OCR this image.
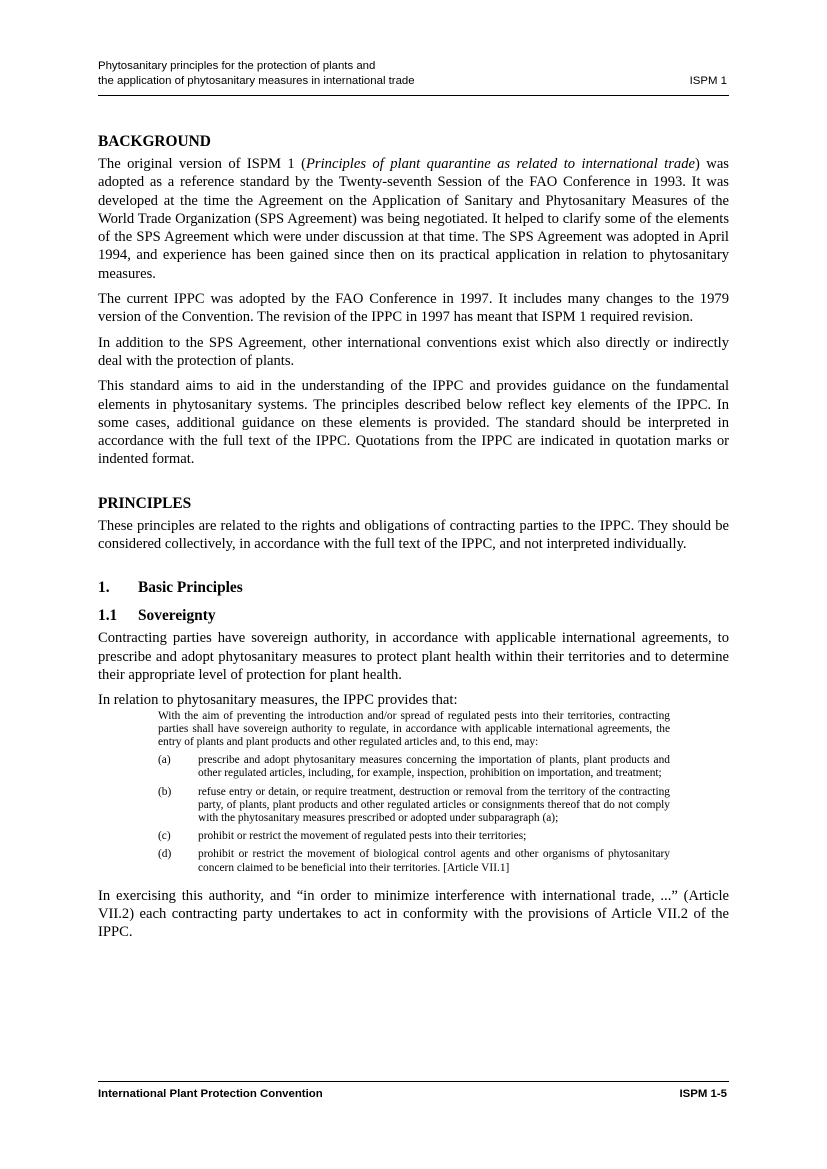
Phytosanitary principles for the protection of plants and
the application of phytosanitary measures in international trade	ISPM 1
BACKGROUND

The original version of ISPM 1 (Principles of plant quarantine as related to international trade) was adopted as a reference standard by the Twenty-seventh Session of the FAO Conference in 1993. It was developed at the time the Agreement on the Application of Sanitary and Phytosanitary Measures of the World Trade Organization (SPS Agreement) was being negotiated. It helped to clarify some of the elements of the SPS Agreement which were under discussion at that time. The SPS Agreement was adopted in April 1994, and experience has been gained since then on its practical application in relation to phytosanitary measures.

The current IPPC was adopted by the FAO Conference in 1997. It includes many changes to the 1979 version of the Convention. The revision of the IPPC in 1997 has meant that ISPM 1 required revision.

In addition to the SPS Agreement, other international conventions exist which also directly or indirectly deal with the protection of plants.

This standard aims to aid in the understanding of the IPPC and provides guidance on the fundamental elements in phytosanitary systems. The principles described below reflect key elements of the IPPC. In some cases, additional guidance on these elements is provided. The standard should be interpreted in accordance with the full text of the IPPC. Quotations from the IPPC are indicated in quotation marks or indented format.

PRINCIPLES

These principles are related to the rights and obligations of contracting parties to the IPPC. They should be considered collectively, in accordance with the full text of the IPPC, and not interpreted individually.

1. Basic Principles
1.1 Sovereignty

Contracting parties have sovereign authority, in accordance with applicable international agreements, to prescribe and adopt phytosanitary measures to protect plant health within their territories and to determine their appropriate level of protection for plant health.

In relation to phytosanitary measures, the IPPC provides that:

With the aim of preventing the introduction and/or spread of regulated pests into their territories, contracting parties shall have sovereign authority to regulate, in accordance with applicable international agreements, the entry of plants and plant products and other regulated articles and, to this end, may:
(a)	prescribe and adopt phytosanitary measures concerning the importation of plants, plant products and other regulated articles, including, for example, inspection, prohibition on importation, and treatment;
(b)	refuse entry or detain, or require treatment, destruction or removal from the territory of the contracting party, of plants, plant products and other regulated articles or consignments thereof that do not comply with the phytosanitary measures prescribed or adopted under subparagraph (a);
(c)	prohibit or restrict the movement of regulated pests into their territories;
(d)	prohibit or restrict the movement of biological control agents and other organisms of phytosanitary concern claimed to be beneficial into their territories. [Article VII.1]

In exercising this authority, and “in order to minimize interference with international trade, ...” (Article VII.2) each contracting party undertakes to act in conformity with the provisions of Article VII.2 of the IPPC.

International Plant Protection Convention	ISPM 1-5
